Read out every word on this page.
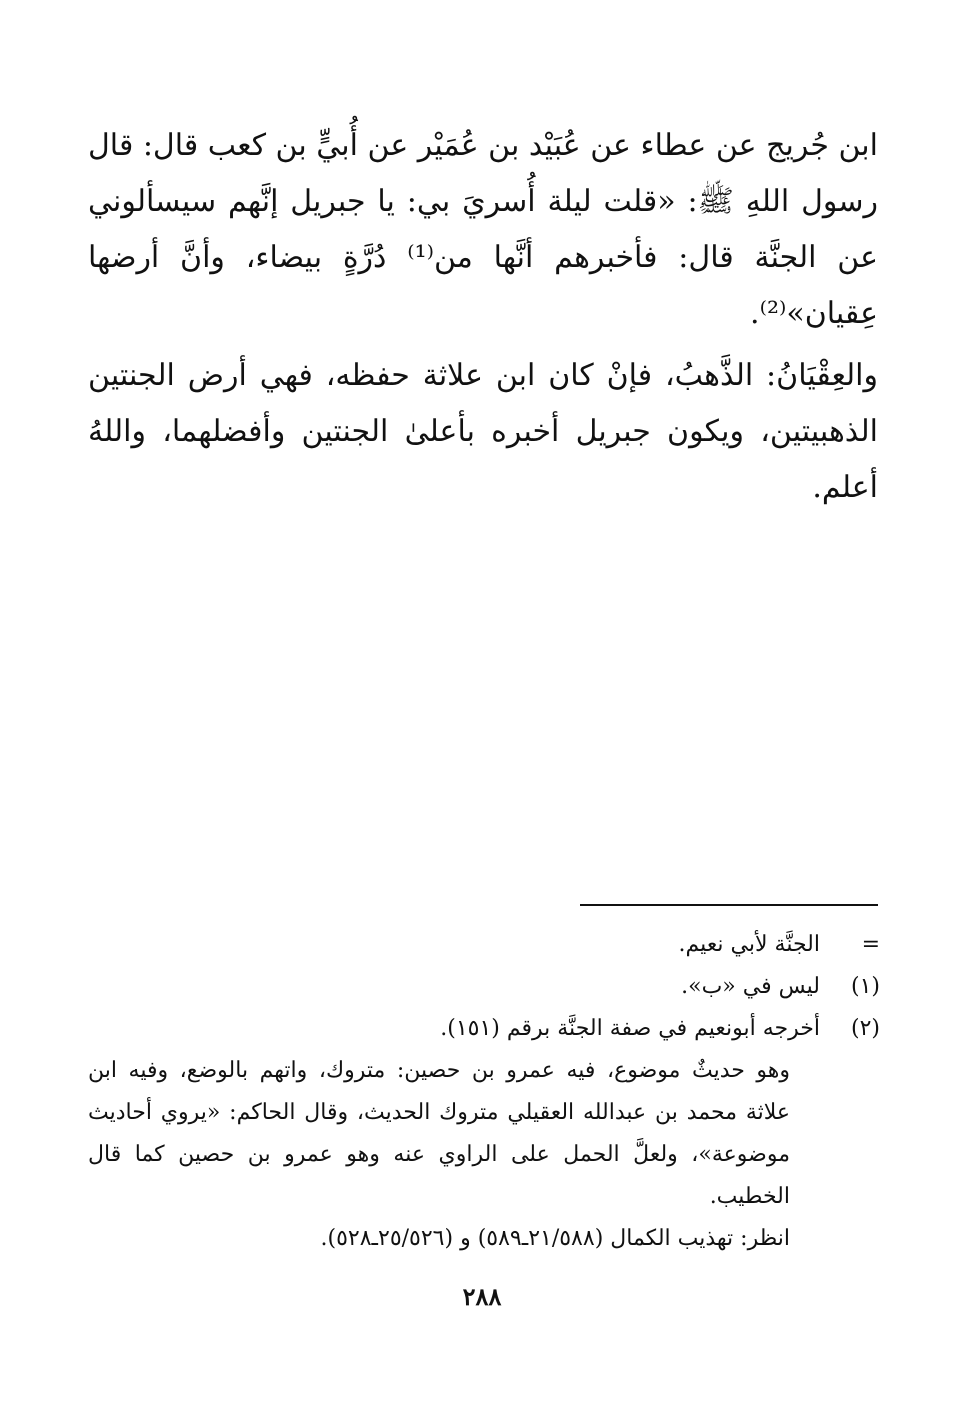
ابن جُريج عن عطاء عن عُبَيْد بن عُمَيْر عن أُبيٍّ بن كعب قال: قال رسول اللهِ ﷺ: «قلت ليلة أُسريَ بي: يا جبريل إنَّهم سيسألوني عن الجنَّة قال: فأخبرهم أنَّها من⁽¹⁾ دُرَّةٍ بيضاء، وأنَّ أرضها عِقيان»⁽²⁾.

والعِقْيَانُ: الذَّهبُ، فإنْ كان ابن علاثة حفظه، فهي أرض الجنتين الذهبيتين، ويكون جبريل أخبره بأعلىٰ الجنتين وأفضلهما، واللهُ أعلم.

=
الجنَّة لأبي نعيم.
(١)
ليس في «ب».
(٢)
أخرجه أبونعيم في صفة الجنَّة برقم (١٥١).

وهو حديثٌ موضوع، فيه عمرو بن حصين: متروك، واتهم بالوضع، وفيه ابن علاثة محمد بن عبدالله العقيلي متروك الحديث، وقال الحاكم: «يروي أحاديث موضوعة»، ولعلَّ الحمل على الراوي عنه وهو عمرو بن حصين كما قال الخطيب.

انظر: تهذيب الكمال (٢١/٥٨٨ـ٥٨٩) و (٢٥/٥٢٦ـ٥٢٨).

٢٨٨
